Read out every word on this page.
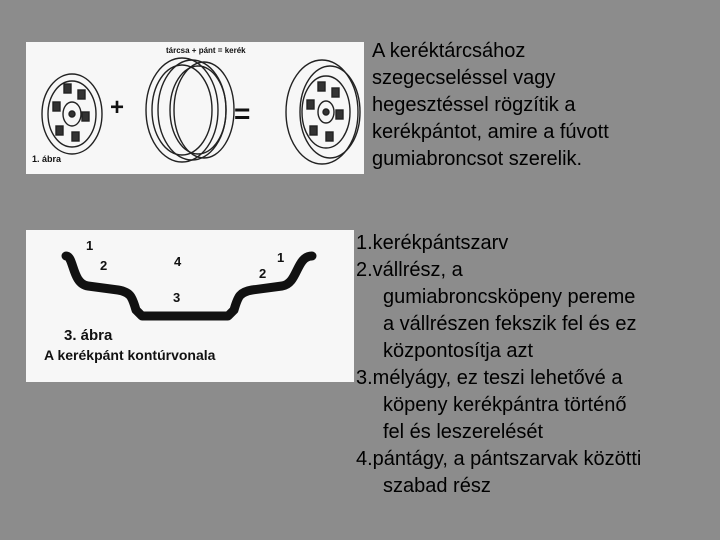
tárcsa + pánt = kerék
+	=
1. ábra
1
2	4
3
2
1
3. ábra
A kerékpánt kontúrvonala
A keréktárcsához
szegecseléssel vagy
hegesztéssel rögzítik a
kerékpántot, amire a fúvott
gumiabroncsot szerelik.
1.kerékpántszarv
2.vállrész, a
gumiabroncsköpeny pereme
a vállrészen fekszik fel és ez
központosítja azt
3.mélyágy, ez teszi lehetővé a
köpeny kerékpántra történő
fel és leszerelését
4.pántágy, a pántszarvak közötti
szabad rész
